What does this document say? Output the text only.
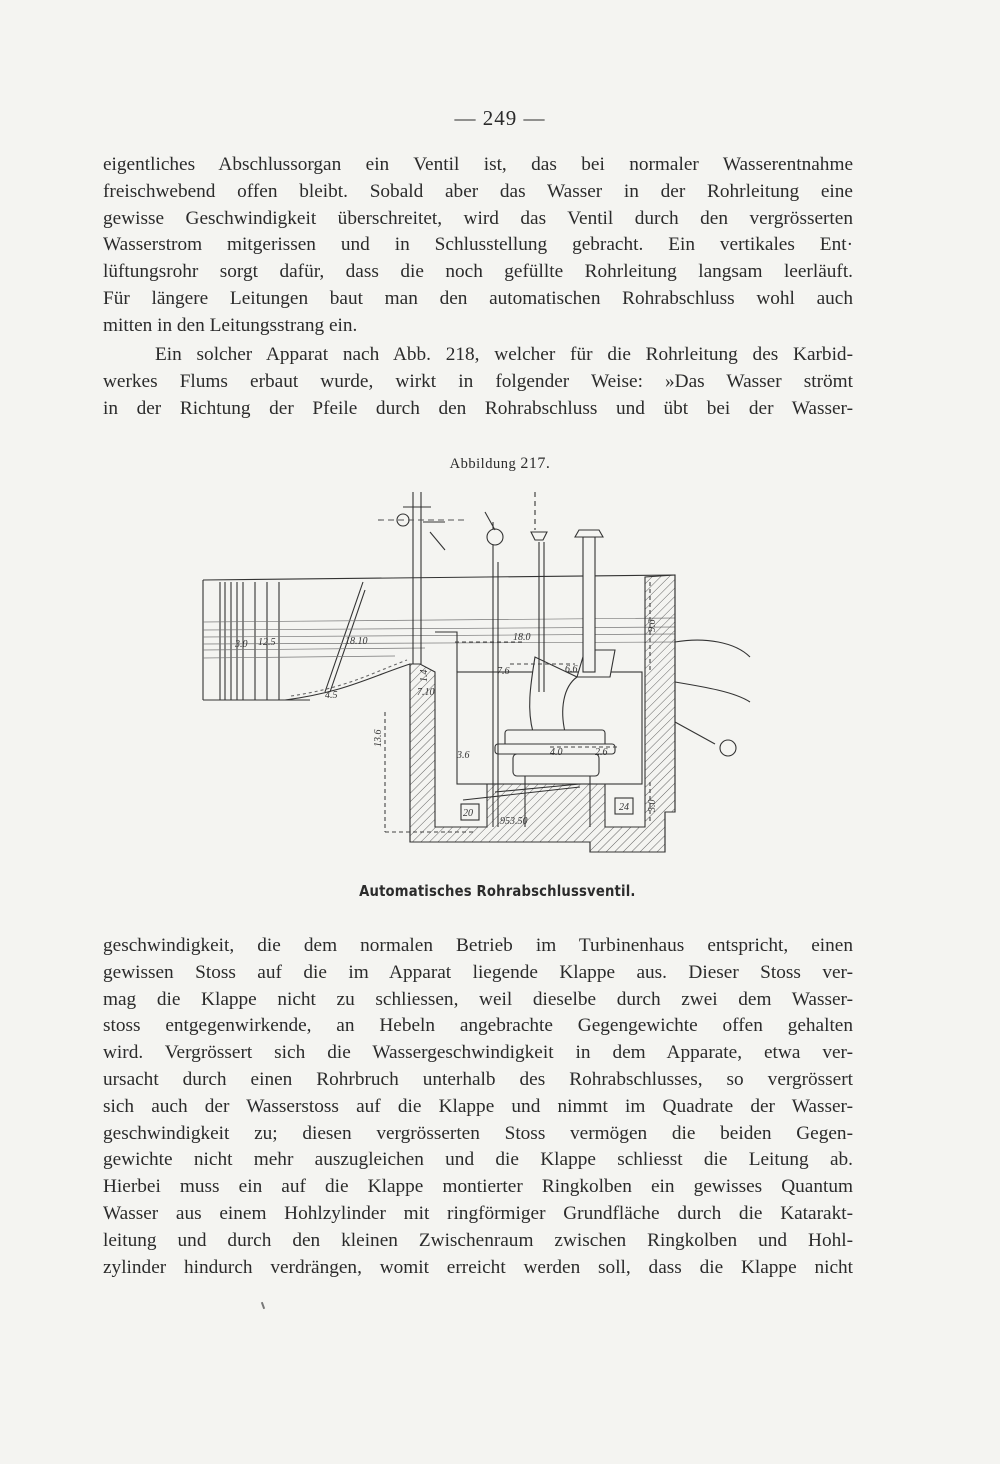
— 249 —
eigentliches Abschlussorgan ein Ventil ist, das bei normaler Wasserentnahme
freischwebend offen bleibt. Sobald aber das Wasser in der Rohrleitung eine
gewisse Geschwindigkeit überschreitet, wird das Ventil durch den vergrösserten
Wasserstrom mitgerissen und in Schlusstellung gebracht. Ein vertikales Ent·
lüftungsrohr sorgt dafür, dass die noch gefüllte Rohrleitung langsam leerläuft.
Für längere Leitungen baut man den automatischen Rohrabschluss wohl auch
mitten in den Leitungsstrang ein.
Ein solcher Apparat nach Abb. 218, welcher für die Rohrleitung des Karbid-
werkes Flums erbaut wurde, wirkt in folgender Weise: »Das Wasser strömt
in der Richtung der Pfeile durch den Rohrabschluss und übt bei der Wasser-
Abbildung 217.
3.0 12.5	18.10	18.0
7.6	6.6
9.6
1.4
7.10
4.5
13.6
3.6	4.0	2.6
20
953.50
24 3.0
Automatisches Rohrabschlussventil.
geschwindigkeit, die dem normalen Betrieb im Turbinenhaus entspricht, einen
gewissen Stoss auf die im Apparat liegende Klappe aus. Dieser Stoss ver-
mag die Klappe nicht zu schliessen, weil dieselbe durch zwei dem Wasser-
stoss entgegenwirkende, an Hebeln angebrachte Gegengewichte offen gehalten
wird. Vergrössert sich die Wassergeschwindigkeit in dem Apparate, etwa ver-
ursacht durch einen Rohrbruch unterhalb des Rohrabschlusses, so vergrössert
sich auch der Wasserstoss auf die Klappe und nimmt im Quadrate der Wasser-
geschwindigkeit zu; diesen vergrösserten Stoss vermögen die beiden Gegen-
gewichte nicht mehr auszugleichen und die Klappe schliesst die Leitung ab.
Hierbei muss ein auf die Klappe montierter Ringkolben ein gewisses Quantum
Wasser aus einem Hohlzylinder mit ringförmiger Grundfläche durch die Katarakt-
leitung und durch den kleinen Zwischenraum zwischen Ringkolben und Hohl-
zylinder hindurch verdrängen, womit erreicht werden soll, dass die Klappe nicht
